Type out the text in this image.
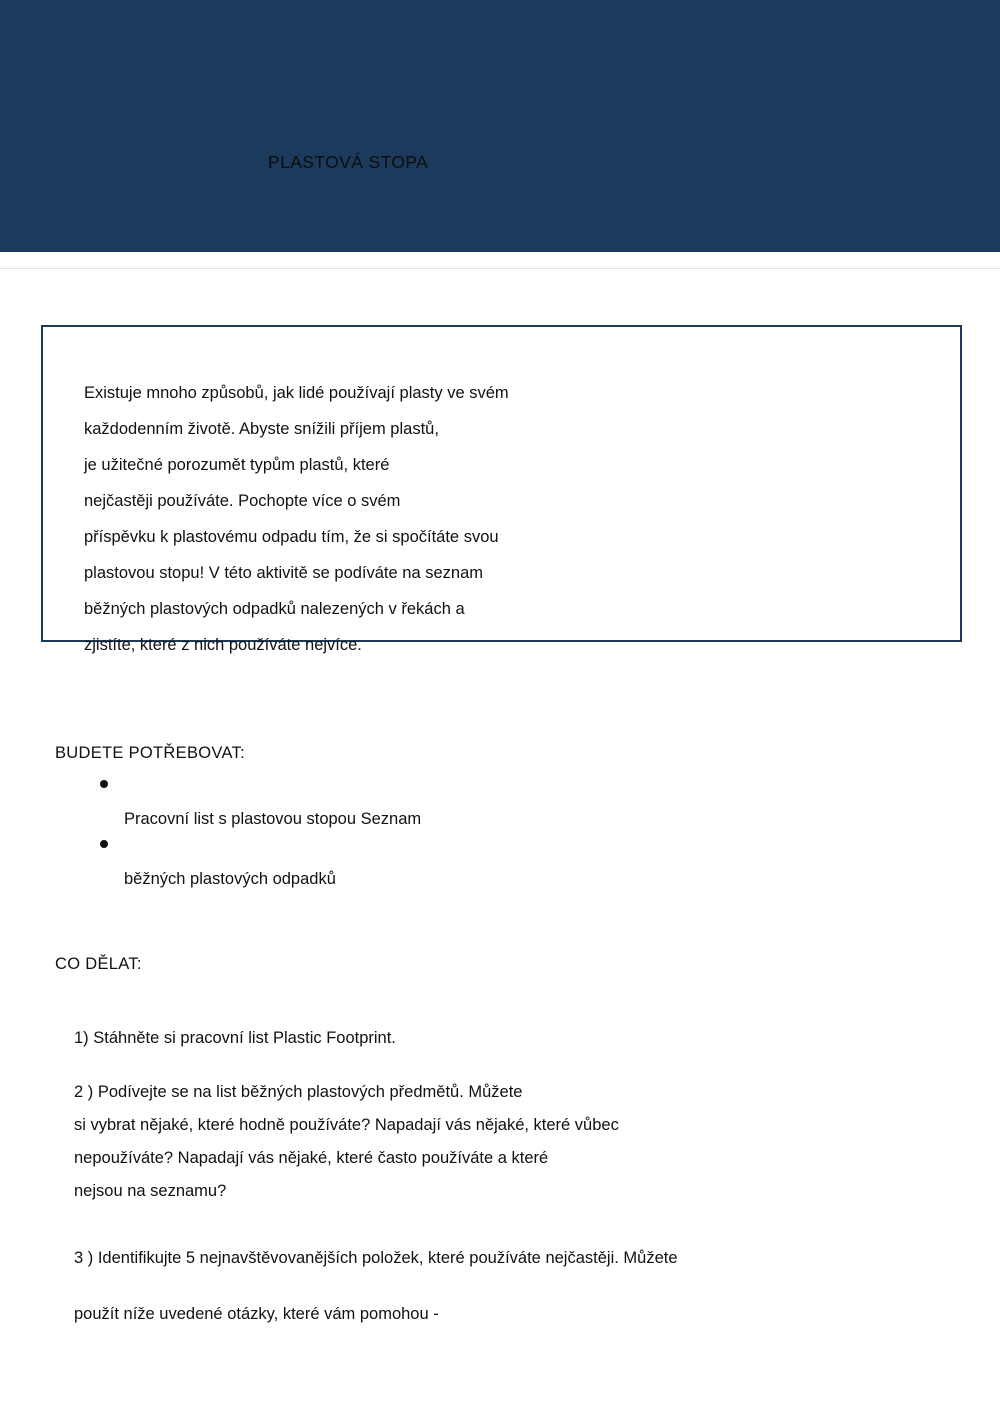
PLASTOVÁ STOPA

Existuje mnoho způsobů, jak lidé používají plasty ve svém

každodenním životě. Abyste snížili příjem plastů,

je užitečné porozumět typům plastů, které

nejčastěji používáte. Pochopte více o svém

příspěvku k plastovému odpadu tím, že si spočítáte svou

plastovou stopu! V této aktivitě se podíváte na seznam

běžných plastových odpadků nalezených v řekách a

zjistíte, které z nich používáte nejvíce.

BUDETE POTŘEBOVAT:
Pracovní list s plastovou stopou Seznam
běžných plastových odpadků
CO DĚLAT:
1) Stáhněte si pracovní list Plastic Footprint.
2 ) Podívejte se na list běžných plastových předmětů. Můžete
si vybrat nějaké, které hodně používáte? Napadají vás nějaké, které vůbec
nepoužíváte? Napadají vás nějaké, které často používáte a které
nejsou na seznamu?
3 ) Identifikujte 5 nejnavštěvovanějších položek, které používáte nejčastěji. Můžete
použít níže uvedené otázky, které vám pomohou -
